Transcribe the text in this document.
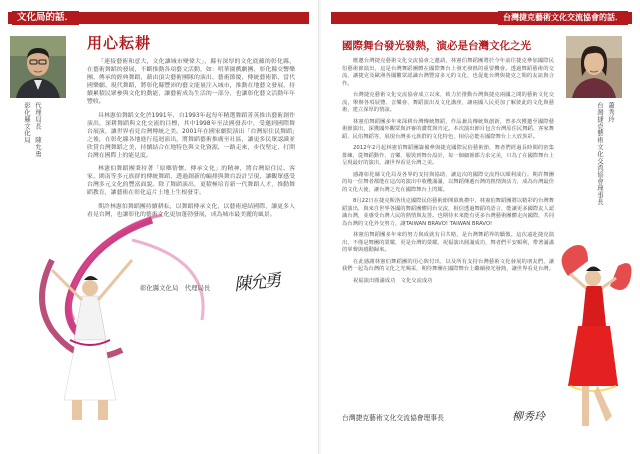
文化局的話．
彰化縣文化局 代理局長　陳允勇
用心耘耕

「連接藝術和意大，文化讓城市變偉大」，縣有深厚的文化底蘊的彰化縣，在藝術舞蹈的發展，不斷推動各項藝文活動，如：明華園戲劇團、彰化縣交響樂團、傳承的經典舞蹈，藉由頂尖藝術團隊的演出、藝術節慶、傳統藝術節、當代國樂劇、現代舞蹈，將彰化縣豐沛的藝文能量注入城市，推動在地藝文發展，持續累積民眾參與文化的動能，讓藝術成為生活的一部分，也讓彰化藝文活動年年豐收。

具林憲伯舞蹈文化於1991年，自1993年起每年精選舞蹈菁英推出藝術創作演出，深耕舞蹈與文化交流的目標，其中1998年至法國發表中，受邀到國際舞台展演，讓世界看見台灣傳統之美。2001年在國家劇院演出「台灣原住民舞蹈」之後，在彰化縣各地進行巡迴演出，將舞蹈藝術推廣至社區，讓更多民眾認識並欣賞台灣舞蹈之美，持續結合在地特色與文化資源，一路走來，步伐堅定，打開台灣在國際上的能見度。

林憲伯舞蹈團秉持著「原鄉情懷、傳承文化」的精神，將台灣原住民、客家、閩南等多元族群的傳統舞蹈，透過創新的編排與舞台設計呈現，讓觀眾感受台灣多元文化的豐富面貌。除了舞蹈演出，更積極培育新一代舞蹈人才，推動舞蹈教育，讓藝術在彰化這片土地上生根發芽。

期許林憲伯舞蹈團持續耕耘，以舞蹈傳承文化，以藝術連結國際，讓更多人看見台灣，也讓彰化的藝術文化更加蓬勃發展，成為城市最美麗的風景。

彰化縣文化局　代理局長 陳允勇
台灣捷克藝術文化交流協會的話．
國際舞台發光發熱，演必是台灣文化之光

應邀台灣捷克藝術文化交流協會之邀請，林憲伯舞蹈團將於今年前往捷克參加國際民俗藝術節演出，這是台灣舞蹈團體在國際舞台上發光發熱的重要機會。透過舞蹈藝術的交流，讓捷克及歐洲各國觀眾認識台灣豐富多元的文化，也促進台灣與捷克之間的友誼與合作。

台灣捷克藝術文化交流協會成立以來，致力於推動台灣與捷克兩國之間的藝術文化交流，舉辦各項展覽、音樂會、舞蹈演出及文化講座，讓兩國人民更加了解彼此的文化與藝術，建立深厚的情誼。

林憲伯舞蹈團多年來深耕台灣傳統舞蹈，作品兼具傳統與創新，曾多次獲邀至國際藝術節演出，深獲國外觀眾與評審的讚賞與肯定。本次演出節目包含台灣原住民舞蹈、客家舞蹈、民俗舞蹈等，展現台灣多元族群的文化特色，相信必能在國際舞台上大放異彩。

2012年2月起林憲伯舞蹈團籌備參與捷克國際民俗藝術節，舞者們經過長時間的密集排練，從舞蹈動作、音樂、服裝到舞台設計，每一個細節都力求完美，只為了在國際舞台上呈現最好的演出，讓世界看見台灣之美。

感謝彰化縣文化局及各界的支持與協助，讓這次的國際交流得以順利成行。期許舞團的每一位舞者都能在這次的演出中收穫滿滿，以舞蹈傳遞台灣的熱情與活力，成為台灣最佳的文化大使，讓台灣之光在國際舞台上閃耀。

8月22日在捷克斯洛伐克國際民俗藝術節開幕典禮中，林憲伯舞蹈團將以精彩的台灣舞蹈演出，與來自世界各國的舞蹈團體同台交流，相信透過舞蹈的語言，能讓更多國際友人認識台灣，並感受台灣人民的熱情與友善。也期待未來能有更多台灣藝術團體走向國際，共同為台灣的文化外交努力，讓TAIWAN BRAVO! TAIWAN BRAVO!

林憲伯舞蹈團多年來的努力與成就有目共睹，是台灣舞蹈界的驕傲。這次遠赴捷克演出，不僅是舞團的榮耀，更是台灣的榮耀。祝福演出圓滿成功，舞者們平安順利，帶著滿滿的掌聲與感動歸來。

在此感謝林憲伯舞蹈團的用心與付出，以及所有支持台灣藝術文化發展的朋友們，讓我們一起為台灣的文化之光喝采，期待舞團在國際舞台上繼續發光發熱，讓世界看見台灣。

祝福演出圓滿成功　文化交流成功

台灣捷克藝術文化交流協會理事長 蕭秀玲
台灣捷克藝術文化交流協會理事長	柳秀玲
